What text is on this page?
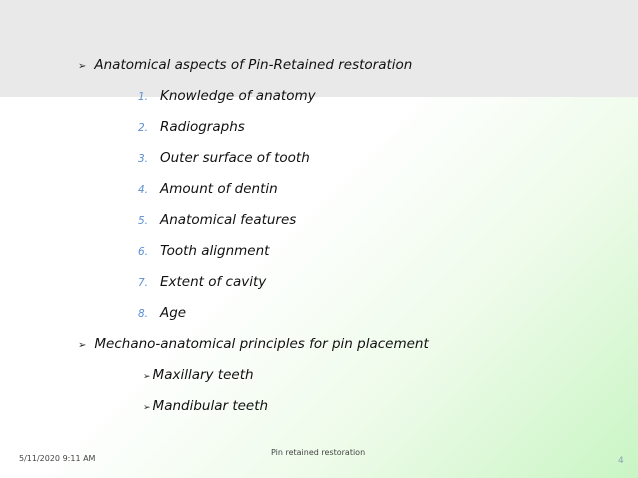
➢ Anatomical aspects of Pin-Retained restoration
1. Knowledge of anatomy
2. Radiographs
3. Outer surface of tooth
4. Amount of dentin
5. Anatomical features
6. Tooth alignment
7. Extent of cavity
8. Age
➢ Mechano-anatomical principles for pin placement
➢ Maxillary teeth
➢ Mandibular teeth
5/11/2020 9:11 AM
Pin retained restoration
4
